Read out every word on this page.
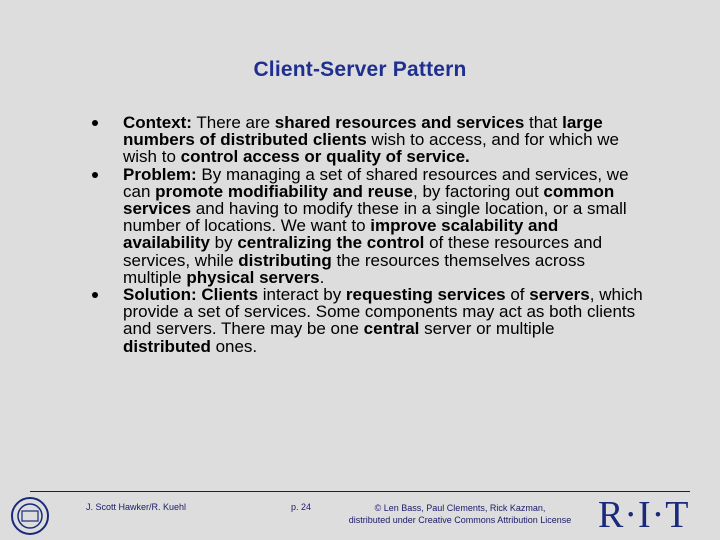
Client-Server Pattern
Context: There are shared resources and services that large numbers of distributed clients wish to access, and for which we wish to control access or quality of service.
Problem: By managing a set of shared resources and services, we can promote modifiability and reuse, by factoring out common services and having to modify these in a single location, or a small number of locations. We want to improve scalability and availability by centralizing the control of these resources and services, while distributing the resources themselves across multiple physical servers.
Solution: Clients interact by requesting services of servers, which provide a set of services. Some components may act as both clients and servers. There may be one central server or multiple distributed ones.
J. Scott Hawker/R. Kuehl	p. 24	© Len Bass, Paul Clements, Rick Kazman,
distributed under Creative Commons Attribution License R·I·T
